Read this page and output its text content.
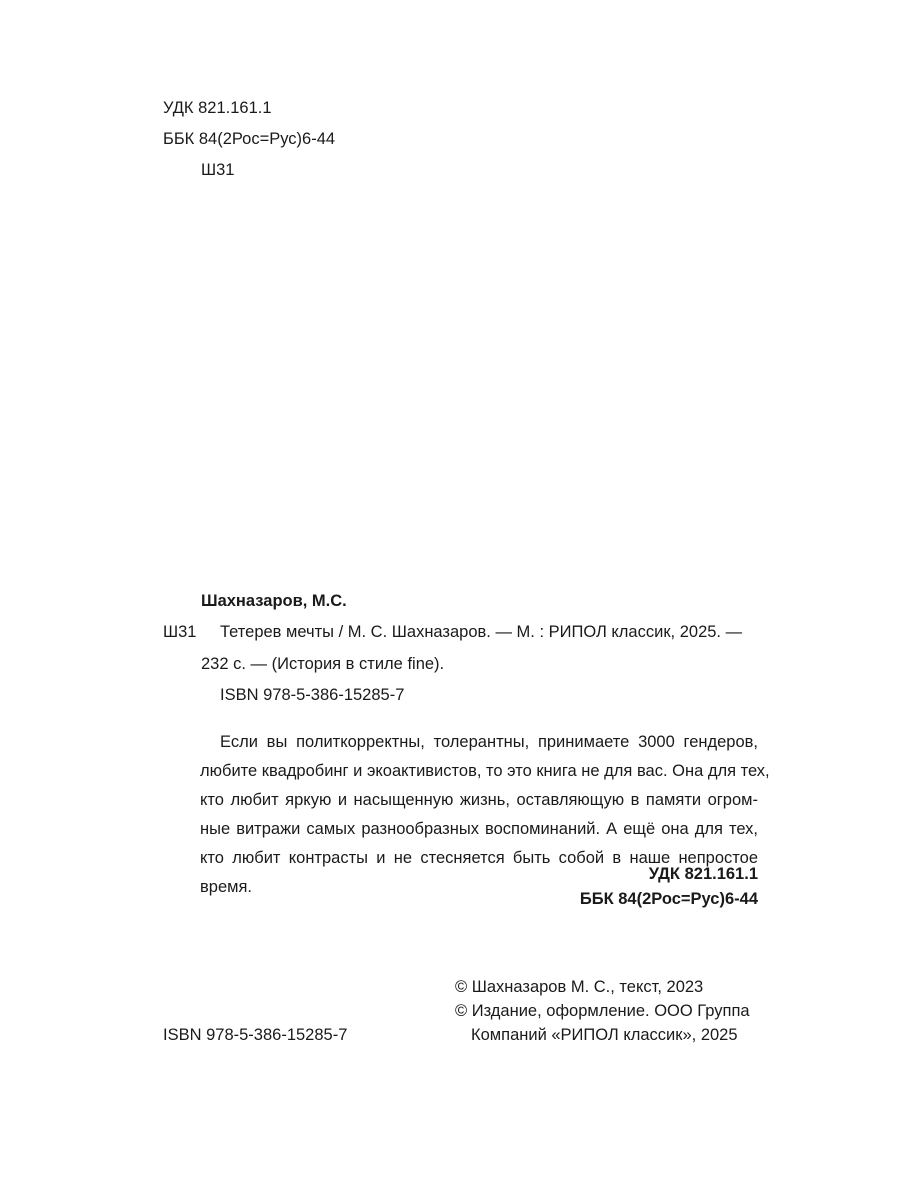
УДК 821.161.1
ББК 84(2Рос=Рус)6-44
Ш31
Шахназаров, М.С.
Ш31 Тетерев мечты / М. С. Шахназаров. — М. : РИПОЛ классик, 2025. —
232 с. — (История в стиле fine).
ISBN 978-5-386-15285-7
Если вы политкорректны, толерантны, принимаете 3000 гендеров,
любите квадробинг и экоактивистов, то это книга не для вас. Она для тех,
кто любит яркую и насыщенную жизнь, оставляющую в памяти огром-
ные витражи самых разнообразных воспоминаний. А ещё она для тех,
кто любит контрасты и не стесняется быть собой в наше непростое
время.
УДК 821.161.1
ББК 84(2Рос=Рус)6-44
© Шахназаров М. С., текст, 2023
© Издание, оформление. ООО Группа
Компаний «РИПОЛ классик», 2025
ISBN 978-5-386-15285-7
